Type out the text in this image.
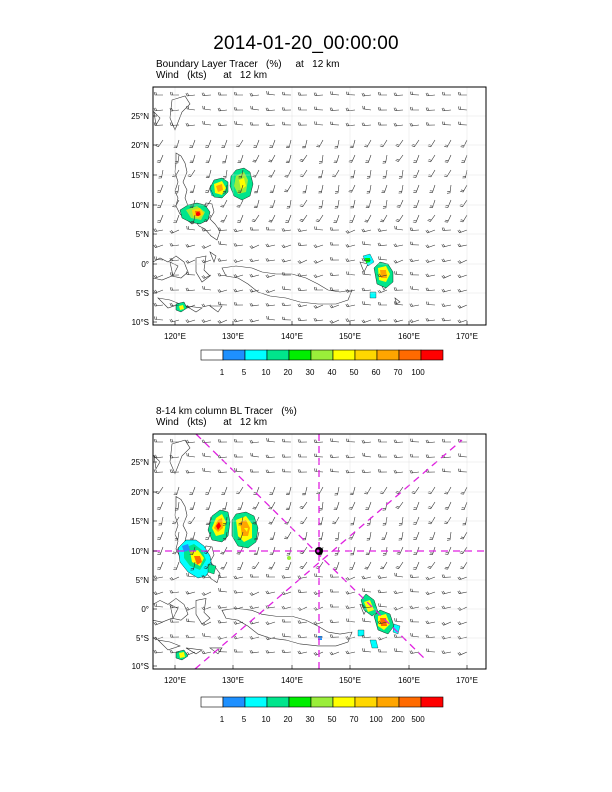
2014-01-20_00:00:00
Boundary Layer Tracer   (%)     at   12 km
Wind   (kts)      at   12 km
8-14 km column BL Tracer   (%)
Wind   (kts)      at   12 km
25°N
20°N
15°N
10°N
5°N
0°
5°S
10°S
120°E	130°E	140°E	150°E	160°E	170°E
1 5 10 20 30 40 50 60 70 100
25°N
20°N
15°N
10°N
5°N
0°
5°S
10°S
120°E	130°E	140°E	150°E	160°E	170°E
1 5 10 20 30 50 70 100 200 500
